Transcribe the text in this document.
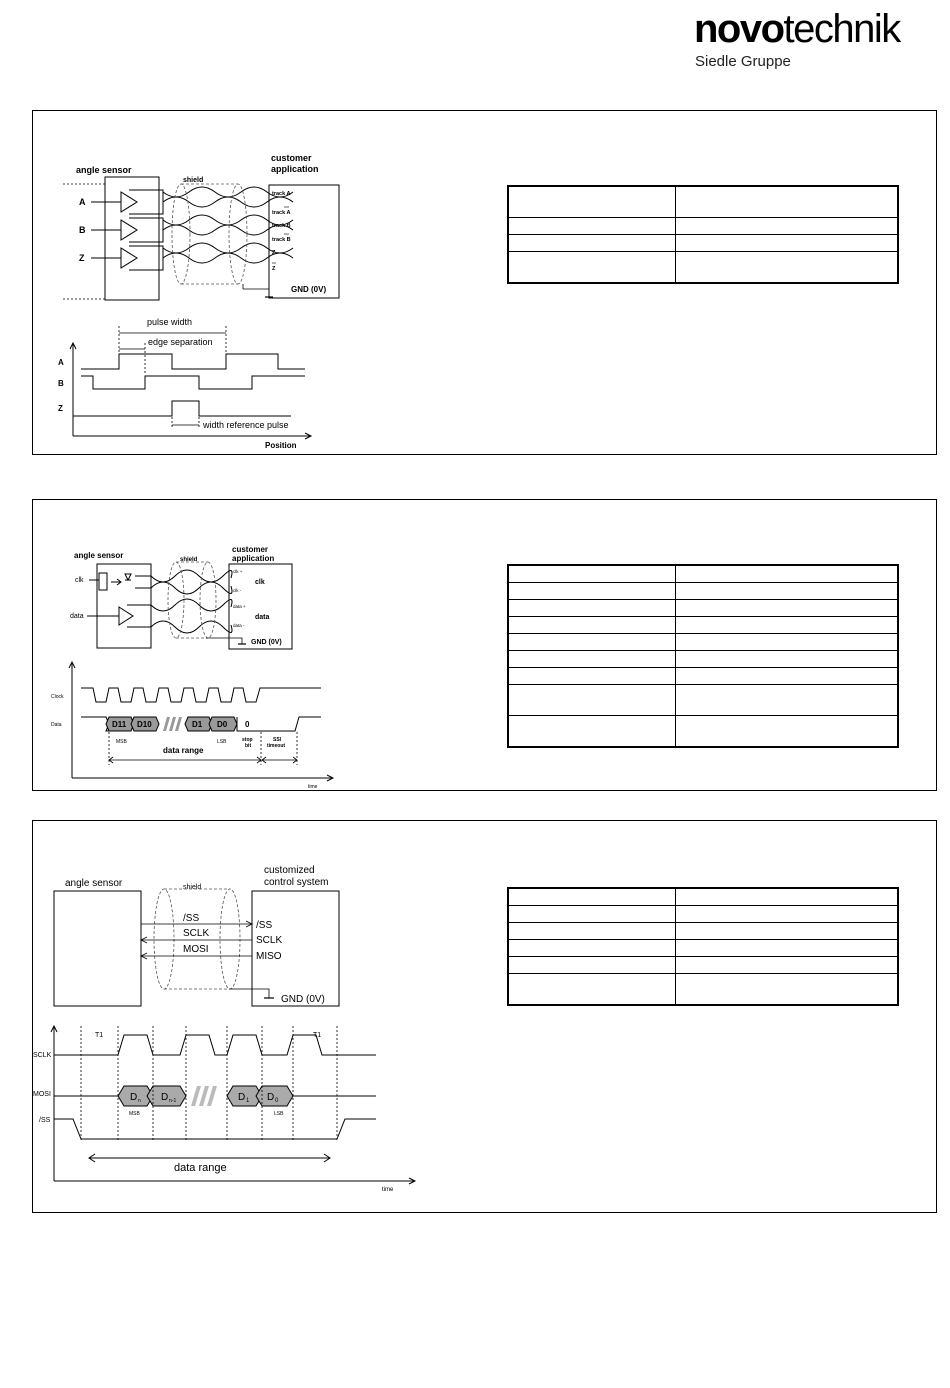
novotechnik
Siedle Gruppe
angle sensor
shield
customer
application
A
B
Z
track A
track A
track B
track B
Z
Z
GND (0V)
A
B
Z
pulse width
edge separation
width reference pulse
Position

angle sensor	shield
customer
application
clk
data
clk +
clk -
data +
data -
clk
data
GND (0V)
Clock
Data	D11 D10	D1 D0 0
MSB	LSB	stop
bit
SSI
timeout
data range
time

angle sensor	shield
customized
control system
/SS
SCLK
MOSI
/SS
SCLK
MISO
GND (0V)
SCLK
MOSI
/SS
T1	T1
D n D n-1	D 1 D 0
MSB	LSB
data range
time
